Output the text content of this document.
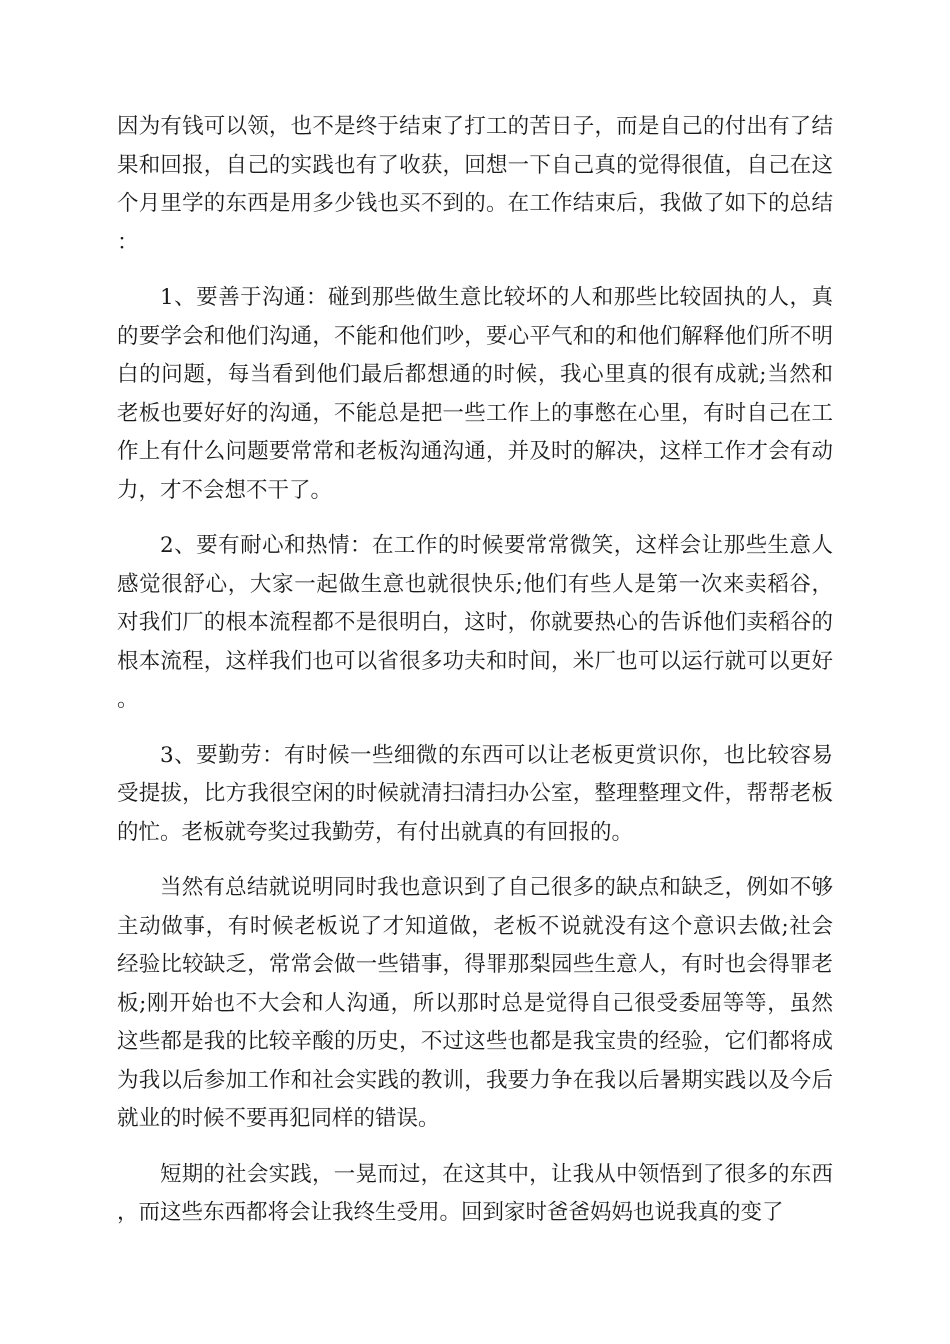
因为有钱可以领，也不是终于结束了打工的苦日子，而是自己的付出有了结果和回报，自己的实践也有了收获，回想一下自己真的觉得很值，自己在这个月里学的东西是用多少钱也买不到的。在工作结束后，我做了如下的总结：

1、要善于沟通：碰到那些做生意比较坏的人和那些比较固执的人，真的要学会和他们沟通，不能和他们吵，要心平气和的和他们解释他们所不明白的问题，每当看到他们最后都想通的时候，我心里真的很有成就;当然和老板也要好好的沟通，不能总是把一些工作上的事憋在心里，有时自己在工作上有什么问题要常常和老板沟通沟通，并及时的解决，这样工作才会有动力，才不会想不干了。

2、要有耐心和热情：在工作的时候要常常微笑，这样会让那些生意人感觉很舒心，大家一起做生意也就很快乐;他们有些人是第一次来卖稻谷，对我们厂的根本流程都不是很明白，这时，你就要热心的告诉他们卖稻谷的根本流程，这样我们也可以省很多功夫和时间，米厂也可以运行就可以更好。

3、要勤劳：有时候一些细微的东西可以让老板更赏识你，也比较容易受提拔，比方我很空闲的时候就清扫清扫办公室，整理整理文件，帮帮老板的忙。老板就夸奖过我勤劳，有付出就真的有回报的。

当然有总结就说明同时我也意识到了自己很多的缺点和缺乏，例如不够主动做事，有时候老板说了才知道做，老板不说就没有这个意识去做;社会经验比较缺乏，常常会做一些错事，得罪那梨园些生意人，有时也会得罪老板;刚开始也不大会和人沟通，所以那时总是觉得自己很受委屈等等，虽然这些都是我的比较辛酸的历史，不过这些也都是我宝贵的经验，它们都将成为我以后参加工作和社会实践的教训，我要力争在我以后暑期实践以及今后就业的时候不要再犯同样的错误。

短期的社会实践，一晃而过，在这其中，让我从中领悟到了很多的东西，而这些东西都将会让我终生受用。回到家时爸爸妈妈也说我真的变了
